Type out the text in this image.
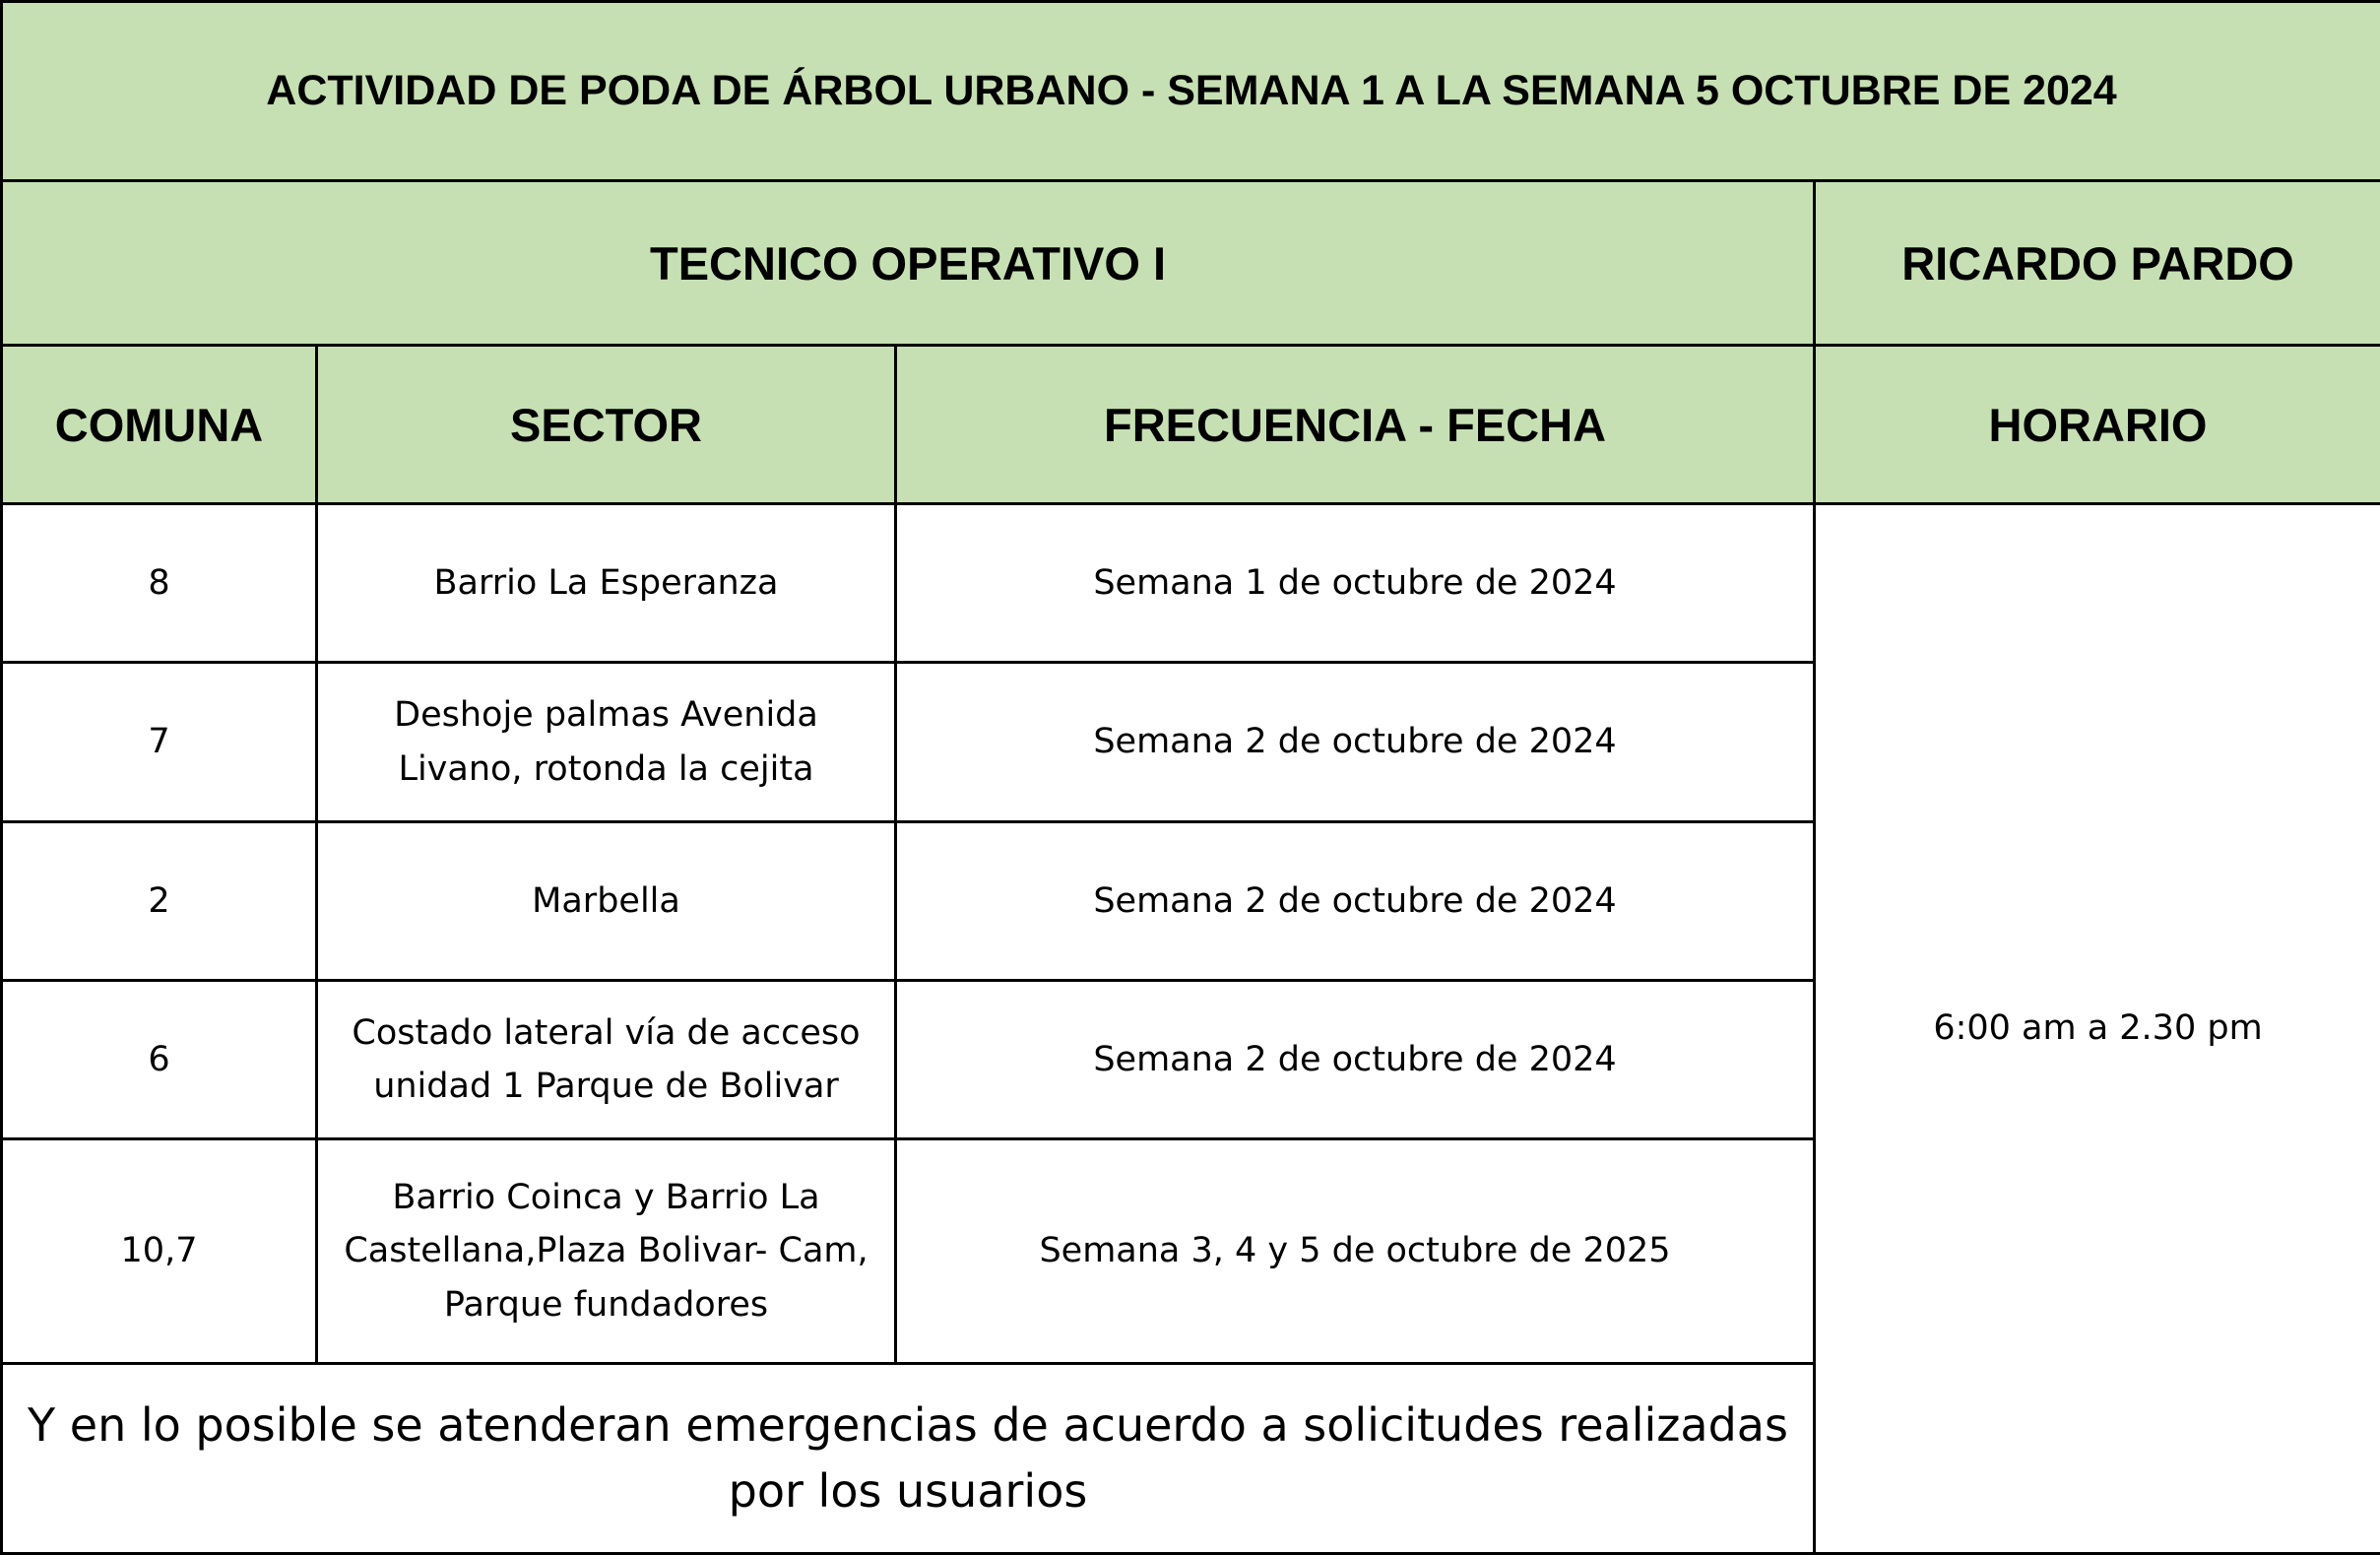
ACTIVIDAD DE PODA DE ÁRBOL URBANO - SEMANA 1 A LA SEMANA 5 OCTUBRE DE 2024			
TECNICO OPERATIVO I			RICARDO PARDO
COMUNA	SECTOR	FRECUENCIA - FECHA	HORARIO
8	Barrio La Esperanza	Semana 1 de octubre de 2024	6:00 am a 2.30 pm
7	Deshoje palmas Avenida Livano, rotonda la cejita	Semana 2 de octubre de 2024	
2	Marbella	Semana 2 de octubre de 2024	
6	Costado lateral vía de acceso unidad 1 Parque de Bolivar	Semana 2 de octubre de 2024	
10,7	Barrio Coinca y Barrio La Castellana,Plaza Bolivar- Cam, Parque fundadores	Semana 3, 4 y 5 de octubre de 2025	
Y en lo posible se atenderan emergencias de acuerdo a solicitudes realizadas por los usuarios			
